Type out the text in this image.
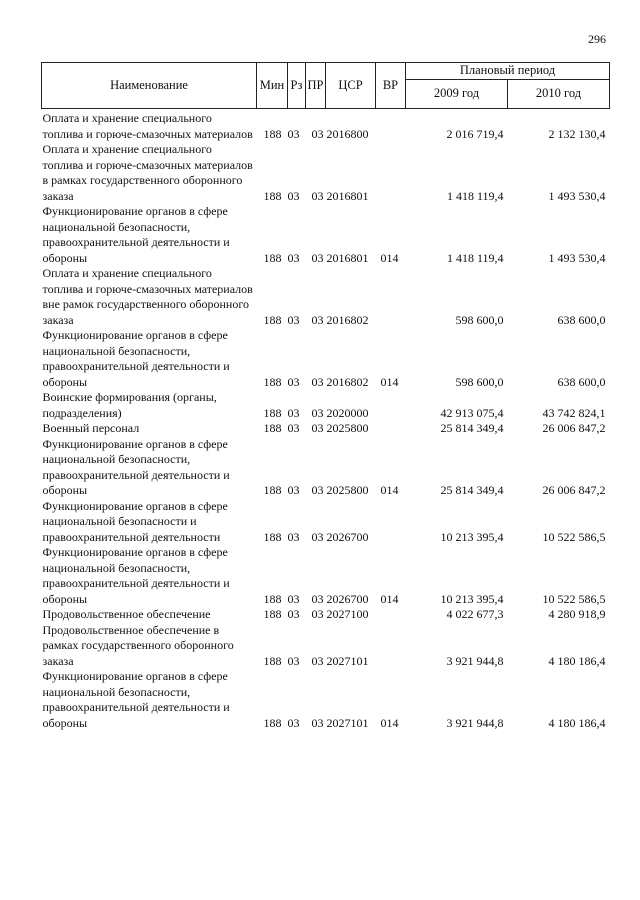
296
Наименование	Мин	Рз	ПР	ЦСР	ВР	Плановый период	
						2009 год	2010 год
Оплата и хранение специального топлива и горюче-смазочных материалов	188	03	03	2016800		2 016 719,4	2 132 130,4
Оплата и хранение специального топлива и горюче-смазочных материалов в рамках государственного оборонного заказа	188	03	03	2016801		1 418 119,4	1 493 530,4
Функционирование органов в сфере национальной безопасности, правоохранительной деятельности и обороны	188	03	03	2016801	014	1 418 119,4	1 493 530,4
Оплата и хранение специального топлива и горюче-смазочных материалов вне рамок государственного оборонного заказа	188	03	03	2016802		598 600,0	638 600,0
Функционирование органов в сфере национальной безопасности, правоохранительной деятельности и обороны	188	03	03	2016802	014	598 600,0	638 600,0
Воинские формирования (органы, подразделения)	188	03	03	2020000		42 913 075,4	43 742 824,1
Военный персонал	188	03	03	2025800		25 814 349,4	26 006 847,2
Функционирование органов в сфере национальной безопасности, правоохранительной деятельности и обороны	188	03	03	2025800	014	25 814 349,4	26 006 847,2
Функционирование органов в сфере национальной безопасности и правоохранительной деятельности	188	03	03	2026700		10 213 395,4	10 522 586,5
Функционирование органов в сфере национальной безопасности, правоохранительной деятельности и обороны	188	03	03	2026700	014	10 213 395,4	10 522 586,5
Продовольственное обеспечение	188	03	03	2027100		4 022 677,3	4 280 918,9
Продовольственное обеспечение в рамках государственного оборонного заказа	188	03	03	2027101		3 921 944,8	4 180 186,4
Функционирование органов в сфере национальной безопасности, правоохранительной деятельности и обороны	188	03	03	2027101	014	3 921 944,8	4 180 186,4
